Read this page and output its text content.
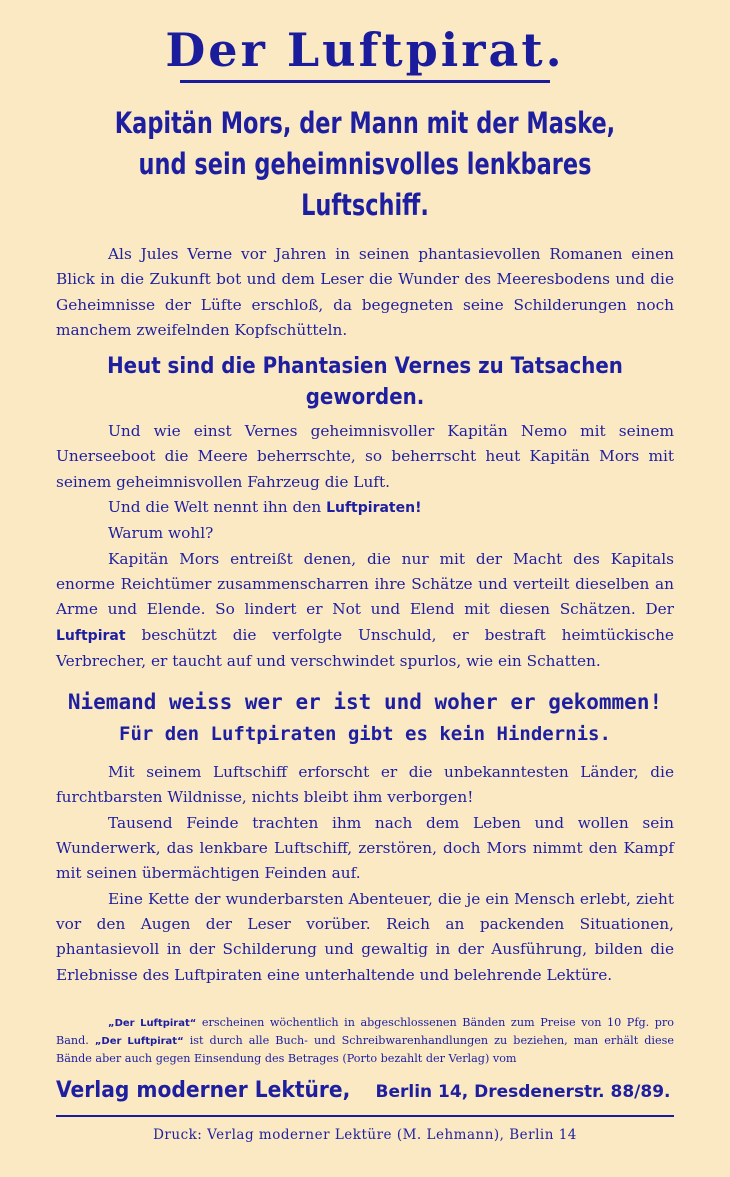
Der Luftpirat.
Kapitän Mors, der Mann mit der Maske,
und sein geheimnisvolles lenkbares
Luftschiff.

Als Jules Verne vor Jahren in seinen phantasievollen Romanen einen Blick in die Zukunft bot und dem Leser die Wunder des Meeresbodens und die Geheimnisse der Lüfte erschloß, da begegneten seine Schilderungen noch manchem zweifelnden Kopfschütteln.

Heut sind die Phantasien Vernes zu Tatsachen geworden.

Und wie einst Vernes geheimnisvoller Kapitän Nemo mit seinem Unerseeboot die Meere beherrschte, so beherrscht heut Kapitän Mors mit seinem geheimnisvollen Fahrzeug die Luft.

Und die Welt nennt ihn den Luftpiraten!

Warum wohl?

Kapitän Mors entreißt denen, die nur mit der Macht des Kapitals enorme Reichtümer zusammenscharren ihre Schätze und verteilt dieselben an Arme und Elende. So lindert er Not und Elend mit diesen Schätzen. Der Luftpirat beschützt die verfolgte Unschuld, er bestraft heimtückische Verbrecher, er taucht auf und verschwindet spurlos, wie ein Schatten.

Niemand weiss wer er ist und woher er gekommen!
Für den Luftpiraten gibt es kein Hindernis.

Mit seinem Luftschiff erforscht er die unbekanntesten Länder, die furchtbarsten Wildnisse, nichts bleibt ihm verborgen!

Tausend Feinde trachten ihm nach dem Leben und wollen sein Wunderwerk, das lenkbare Luftschiff, zerstören, doch Mors nimmt den Kampf mit seinen übermächtigen Feinden auf.

Eine Kette der wunderbarsten Abenteuer, die je ein Mensch erlebt, zieht vor den Augen der Leser vorüber. Reich an packenden Situationen, phantasievoll in der Schilderung und gewaltig in der Ausführung, bilden die Erlebnisse des Luftpiraten eine unterhaltende und belehrende Lektüre.

„Der Luftpirat“ erscheinen wöchentlich in abgeschlossenen Bänden zum Preise von 10 Pfg. pro Band. „Der Luftpirat“ ist durch alle Buch- und Schreibwarenhandlungen zu beziehen, man erhält diese Bände aber auch gegen Einsendung des Betrages (Porto bezahlt der Verlag) vom

Verlag moderner Lektüre, Berlin 14, Dresdenerstr. 88/89.
Druck: Verlag moderner Lektüre (M. Lehmann), Berlin 14
